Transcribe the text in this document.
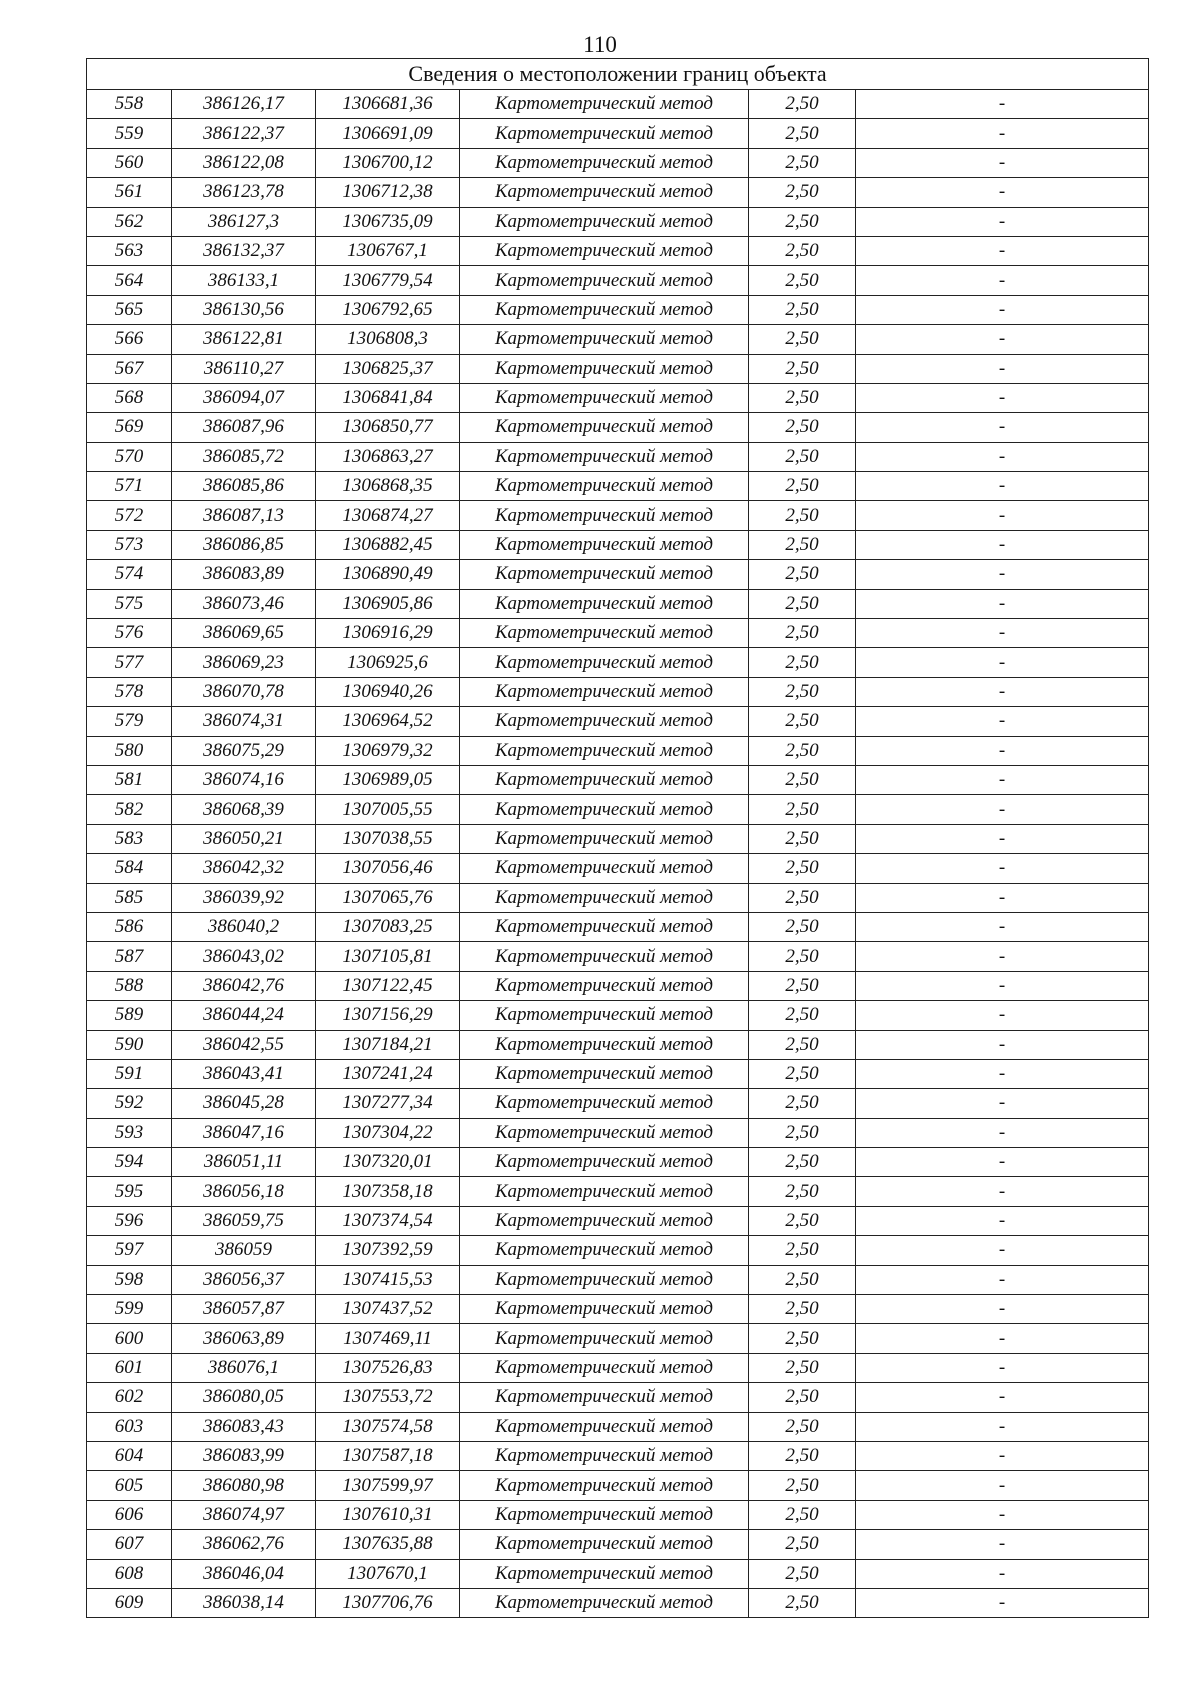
110
Сведения о местоположении границ объекта					
558	386126,17	1306681,36	Картометрический метод	2,50	-
559	386122,37	1306691,09	Картометрический метод	2,50	-
560	386122,08	1306700,12	Картометрический метод	2,50	-
561	386123,78	1306712,38	Картометрический метод	2,50	-
562	386127,3	1306735,09	Картометрический метод	2,50	-
563	386132,37	1306767,1	Картометрический метод	2,50	-
564	386133,1	1306779,54	Картометрический метод	2,50	-
565	386130,56	1306792,65	Картометрический метод	2,50	-
566	386122,81	1306808,3	Картометрический метод	2,50	-
567	386110,27	1306825,37	Картометрический метод	2,50	-
568	386094,07	1306841,84	Картометрический метод	2,50	-
569	386087,96	1306850,77	Картометрический метод	2,50	-
570	386085,72	1306863,27	Картометрический метод	2,50	-
571	386085,86	1306868,35	Картометрический метод	2,50	-
572	386087,13	1306874,27	Картометрический метод	2,50	-
573	386086,85	1306882,45	Картометрический метод	2,50	-
574	386083,89	1306890,49	Картометрический метод	2,50	-
575	386073,46	1306905,86	Картометрический метод	2,50	-
576	386069,65	1306916,29	Картометрический метод	2,50	-
577	386069,23	1306925,6	Картометрический метод	2,50	-
578	386070,78	1306940,26	Картометрический метод	2,50	-
579	386074,31	1306964,52	Картометрический метод	2,50	-
580	386075,29	1306979,32	Картометрический метод	2,50	-
581	386074,16	1306989,05	Картометрический метод	2,50	-
582	386068,39	1307005,55	Картометрический метод	2,50	-
583	386050,21	1307038,55	Картометрический метод	2,50	-
584	386042,32	1307056,46	Картометрический метод	2,50	-
585	386039,92	1307065,76	Картометрический метод	2,50	-
586	386040,2	1307083,25	Картометрический метод	2,50	-
587	386043,02	1307105,81	Картометрический метод	2,50	-
588	386042,76	1307122,45	Картометрический метод	2,50	-
589	386044,24	1307156,29	Картометрический метод	2,50	-
590	386042,55	1307184,21	Картометрический метод	2,50	-
591	386043,41	1307241,24	Картометрический метод	2,50	-
592	386045,28	1307277,34	Картометрический метод	2,50	-
593	386047,16	1307304,22	Картометрический метод	2,50	-
594	386051,11	1307320,01	Картометрический метод	2,50	-
595	386056,18	1307358,18	Картометрический метод	2,50	-
596	386059,75	1307374,54	Картометрический метод	2,50	-
597	386059	1307392,59	Картометрический метод	2,50	-
598	386056,37	1307415,53	Картометрический метод	2,50	-
599	386057,87	1307437,52	Картометрический метод	2,50	-
600	386063,89	1307469,11	Картометрический метод	2,50	-
601	386076,1	1307526,83	Картометрический метод	2,50	-
602	386080,05	1307553,72	Картометрический метод	2,50	-
603	386083,43	1307574,58	Картометрический метод	2,50	-
604	386083,99	1307587,18	Картометрический метод	2,50	-
605	386080,98	1307599,97	Картометрический метод	2,50	-
606	386074,97	1307610,31	Картометрический метод	2,50	-
607	386062,76	1307635,88	Картометрический метод	2,50	-
608	386046,04	1307670,1	Картометрический метод	2,50	-
609	386038,14	1307706,76	Картометрический метод	2,50	-
